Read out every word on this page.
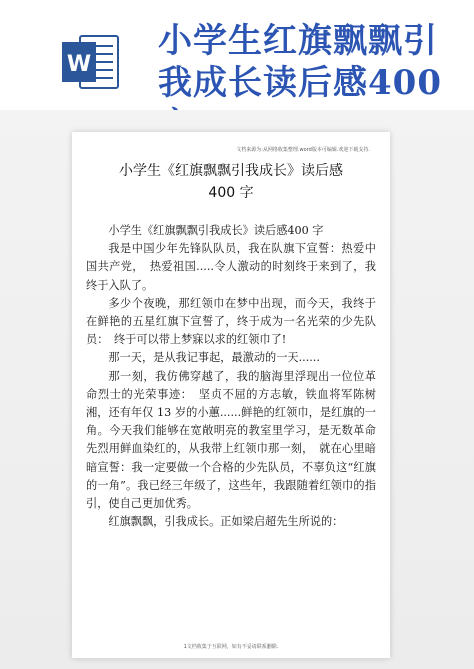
W
小学生红旗飘飘引
我成长读后感400
文档来源为:从网络收集整理.word版本可编辑.欢迎下载支持.
小学生《红旗飘飘引我成长》读后感
400 字

小学生《红旗飘飘引我成长》读后感400 字

我是中国少年先锋队队员，我在队旗下宣誓：热爱中国共产党，　热爱祖国.....令人激动的时刻终于来到了，我终于入队了。

多少个夜晚，那红领巾在梦中出现，而今天，我终于在鲜艳的五星红旗下宣誓了，终于成为一名光荣的少先队员：　终于可以带上梦寐以求的红领巾了!

那一天，是从我记事起，最激动的一天......

那一刻，我仿佛穿越了，我的脑海里浮现出一位位革命烈士的光荣事迹：　坚贞不屈的方志敏，铁血将军陈树湘，还有年仅 13 岁的小蕙......鲜艳的红领巾，是红旗的一角。今天我们能够在宽敞明亮的教室里学习，是无数革命先烈用鲜血染红的，从我带上红领巾那一刻，　就在心里暗暗宣誓：我一定要做一个合格的少先队员，不辜负这“红旗的一角”。我已经三年级了，这些年，我跟随着红领巾的指引，使自己更加优秀。

红旗飘飘，引我成长。正如梁启超先生所说的：

1文档收集于互联网，如有不妥请联系删除.
